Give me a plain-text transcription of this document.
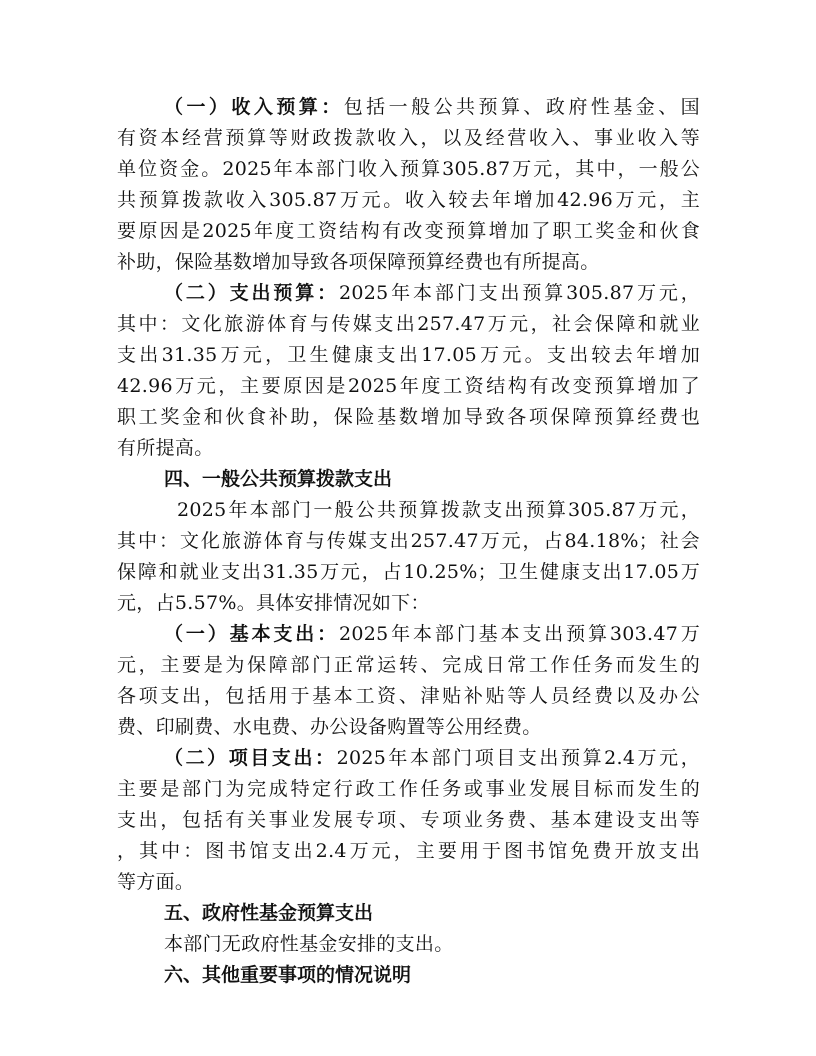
（一）收入预算：包括一般公共预算、政府性基金、国
有资本经营预算等财政拨款收入，以及经营收入、事业收入等
单位资金。2025年本部门收入预算305.87万元，其中，一般公
共预算拨款收入305.87万元。收入较去年增加42.96万元，主
要原因是2025年度工资结构有改变预算增加了职工奖金和伙食
补助，保险基数增加导致各项保障预算经费也有所提高。
（二）支出预算：2025年本部门支出预算305.87万元，
其中：文化旅游体育与传媒支出257.47万元，社会保障和就业
支出31.35万元，卫生健康支出17.05万元。支出较去年增加
42.96万元，主要原因是2025年度工资结构有改变预算增加了
职工奖金和伙食补助，保险基数增加导致各项保障预算经费也
有所提高。
四、一般公共预算拨款支出
2025年本部门一般公共预算拨款支出预算305.87万元，
其中：文化旅游体育与传媒支出257.47万元，占84.18%；社会
保障和就业支出31.35万元，占10.25%；卫生健康支出17.05万
元，占5.57%。具体安排情况如下：
（一）基本支出：2025年本部门基本支出预算303.47万
元，主要是为保障部门正常运转、完成日常工作任务而发生的
各项支出，包括用于基本工资、津贴补贴等人员经费以及办公
费、印刷费、水电费、办公设备购置等公用经费。
（二）项目支出：2025年本部门项目支出预算2.4万元，
主要是部门为完成特定行政工作任务或事业发展目标而发生的
支出，包括有关事业发展专项、专项业务费、基本建设支出等
，其中：图书馆支出2.4万元，主要用于图书馆免费开放支出
等方面。
五、政府性基金预算支出
本部门无政府性基金安排的支出。
六、其他重要事项的情况说明
